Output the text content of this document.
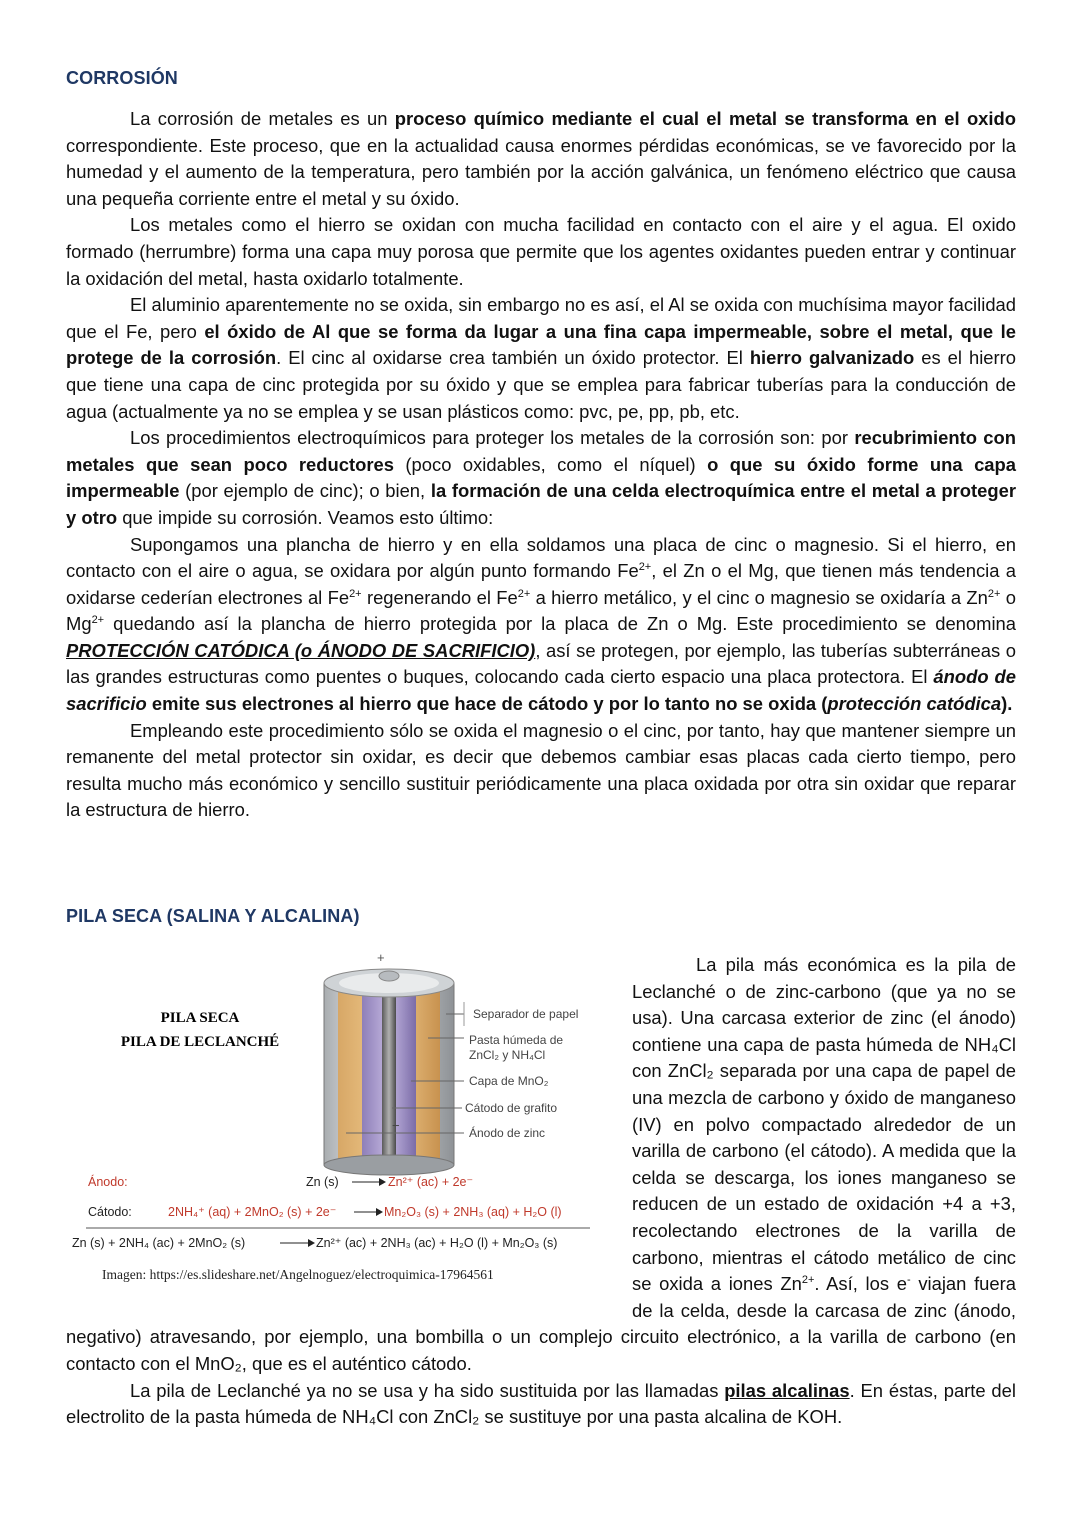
CORROSIÓN

La corrosión de metales es un proceso químico mediante el cual el metal se transforma en el oxido correspondiente. Este proceso, que en la actualidad causa enormes pérdidas económicas, se ve favorecido por la humedad y el aumento de la temperatura, pero también por la acción galvánica, un fenómeno eléctrico que causa una pequeña corriente entre el metal y su óxido.

Los metales como el hierro se oxidan con mucha facilidad en contacto con el aire y el agua. El oxido formado (herrumbre) forma una capa muy porosa que permite que los agentes oxidantes pueden entrar y continuar la oxidación del metal, hasta oxidarlo totalmente.

El aluminio aparentemente no se oxida, sin embargo no es así, el Al se oxida con muchísima mayor facilidad que el Fe, pero el óxido de Al que se forma da lugar a una fina capa impermeable, sobre el metal, que le protege de la corrosión. El cinc al oxidarse crea también un óxido protector. El hierro galvanizado es el hierro que tiene una capa de cinc protegida por su óxido y que se emplea para fabricar tuberías para la conducción de agua (actualmente ya no se emplea y se usan plásticos como: pvc, pe, pp, pb, etc.

Los procedimientos electroquímicos para proteger los metales de la corrosión son: por recubrimiento con metales que sean poco reductores (poco oxidables, como el níquel) o que su óxido forme una capa impermeable (por ejemplo de cinc); o bien, la formación de una celda electroquímica entre el metal a proteger y otro que impide su corrosión. Veamos esto último:

Supongamos una plancha de hierro y en ella soldamos una placa de cinc o magnesio. Si el hierro, en contacto con el aire o agua, se oxidara por algún punto formando $Fe^{2+}$, el Zn o el Mg, que tienen más tendencia a oxidarse cederían electrones al $Fe^{2+}$ regenerando el $Fe^{2+}$ a hierro metálico, y el cinc o magnesio se oxidaría a $Zn^{2+}$ o $Mg^{2+}$ quedando así la plancha de hierro protegida por la placa de Zn o Mg. Este procedimiento se denomina PROTECCIÓN CATÓDICA (o ÁNODO DE SACRIFICIO), así se protegen, por ejemplo, las tuberías subterráneas o las grandes estructuras como puentes o buques, colocando cada cierto espacio una placa protectora. El ánodo de sacrificio emite sus electrones al hierro que hace de cátodo y por lo tanto no se oxida (protección catódica).

Empleando este procedimiento sólo se oxida el magnesio o el cinc, por tanto, hay que mantener siempre un remanente del metal protector sin oxidar, es decir que debemos cambiar esas placas cada cierto tiempo, pero resulta mucho más económico y sencillo sustituir periódicamente una placa oxidada por otra sin oxidar que reparar la estructura de hierro.

PILA SECA (SALINA Y ALCALINA)

La pila más económica es la pila de Leclanché o de zinc-carbono (que ya no se usa). Una carcasa exterior de zinc (el ánodo) contiene una capa de pasta húmeda de NH₄Cl con ZnCl₂ separada por una capa de papel de una mezcla de carbono y óxido de manganeso (IV) en polvo compactado alrededor de un varilla de carbono (el cátodo). A medida que la celda se descarga, los iones manganeso se reducen de un estado de oxidación +4 a +3, recolectando electrones de la varilla de carbono, mientras el cátodo metálico de cinc se oxida a iones $Zn^{2+}$. Así, los e- viajan fuera de la celda, desde la carcasa de zinc (ánodo, negativo) atravesando, por ejemplo, una bombilla o un complejo circuito electrónico, a la varilla de carbono (en contacto con el MnO₂, que es el auténtico cátodo.

La pila de Leclanché ya no se usa y ha sido sustituida por las llamadas pilas alcalinas. En éstas, parte del electrolito de la pasta húmeda de NH₄Cl con ZnCl₂ se sustituye por una pasta alcalina de KOH.

PILA SECA
PILA DE LECLANCHÉ
+
−
Separador de papel
Pasta húmeda de
ZnCl₂ y NH₄Cl
Capa de MnO₂
Cátodo de grafito
Ánodo de zinc
Ánodo:	Zn (s)	Zn²⁺ (ac) + 2e⁻
Cátodo:	2NH₄⁺ (aq) + 2MnO₂ (s) + 2e⁻	Mn₂O₃ (s) + 2NH₃ (aq) + H₂O (l)
Zn (s) + 2NH₄ (ac) + 2MnO₂ (s)	Zn²⁺ (ac) + 2NH₃ (ac) + H₂O (l) + Mn₂O₃ (s)
Imagen: https://es.slideshare.net/Angelnoguez/electroquimica-17964561
